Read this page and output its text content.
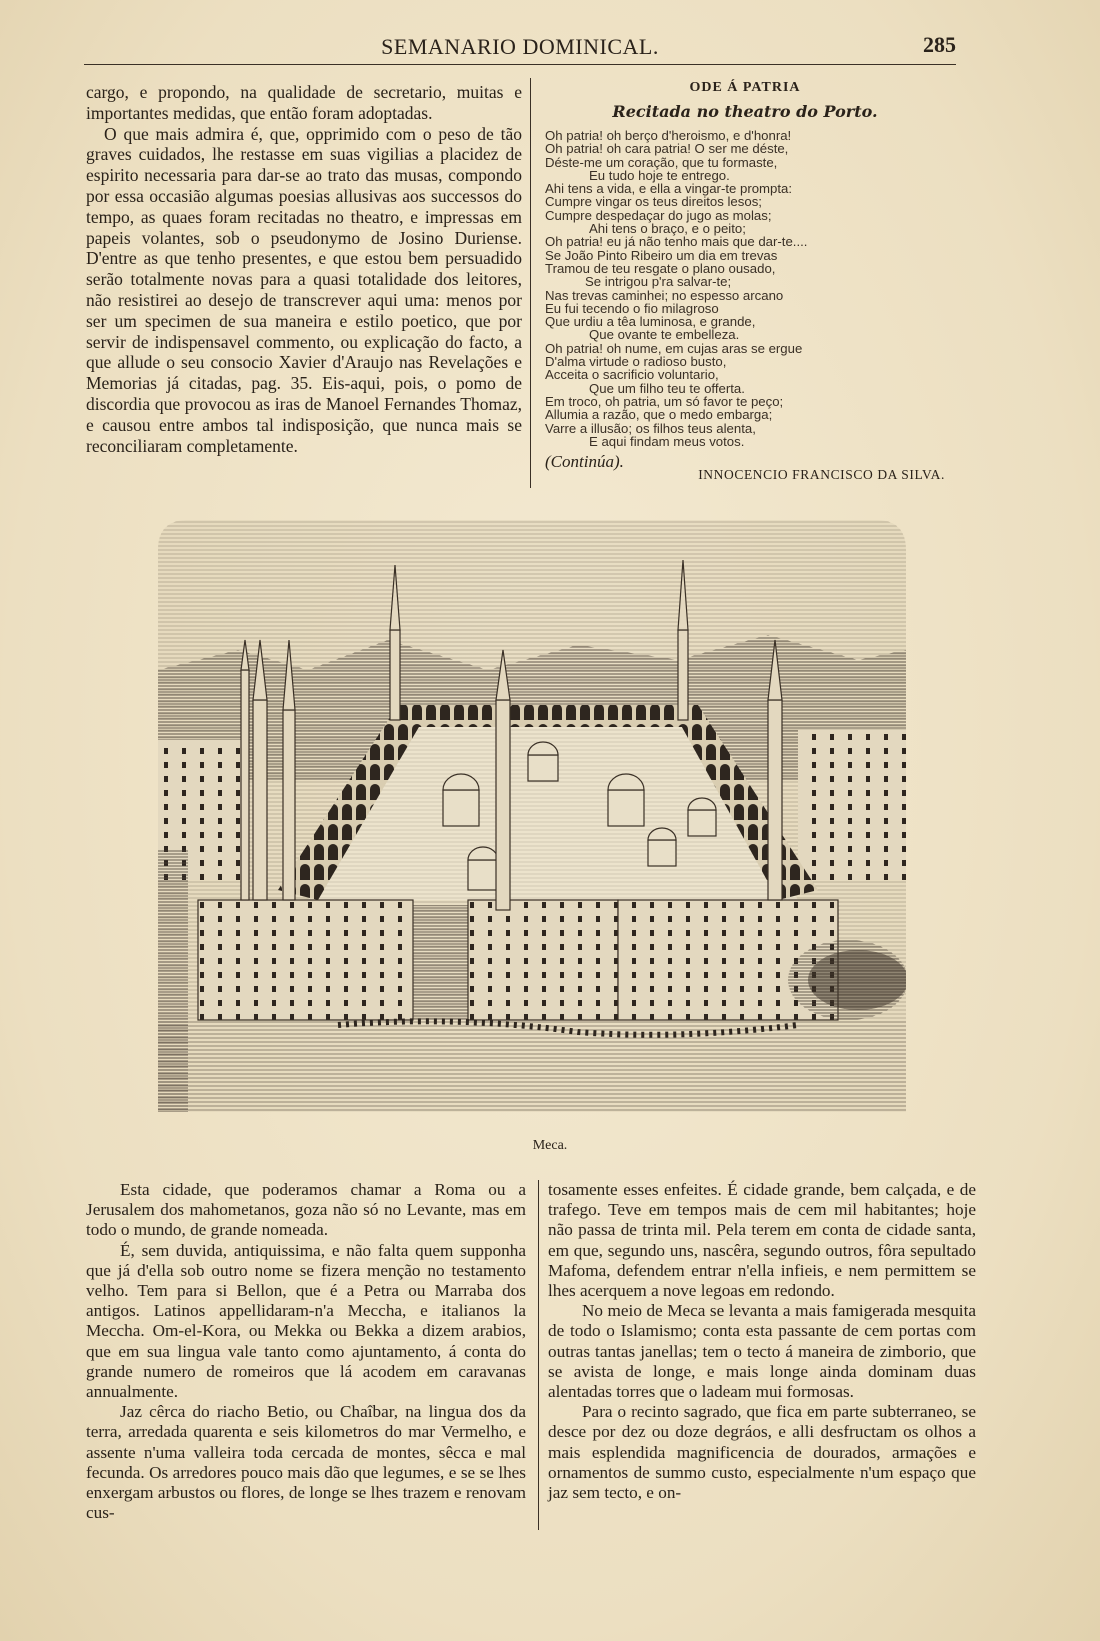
SEMANARIO DOMINICAL.	285

cargo, e propondo, na qualidade de secretario, muitas e importantes medidas, que então foram adoptadas.

O que mais admira é, que, opprimido com o peso de tão graves cuidados, lhe restasse em suas vigilias a placidez de espirito necessaria para dar-se ao trato das musas, compondo por essa occasião algumas poesias allusivas aos successos do tempo, as quaes foram recitadas no theatro, e impressas em papeis volantes, sob o pseudonymo de Josino Duriense. D'entre as que tenho presentes, e que estou bem persuadido serão totalmente novas para a quasi totalidade dos leitores, não resistirei ao desejo de transcrever aqui uma: menos por ser um specimen de sua maneira e estilo poetico, que por servir de indispensavel commento, ou explicação do facto, a que allude o seu consocio Xavier d'Araujo nas Revelações e Memorias já citadas, pag. 35. Eis-aqui, pois, o pomo de discordia que provocou as iras de Manoel Fernandes Thomaz, e causou entre ambos tal indisposição, que nunca mais se reconciliaram completamente.

ODE Á PATRIA
Recitada no theatro do Porto.
Oh patria! oh berço d'heroismo, e d'honra!
Oh patria! oh cara patria! O ser me déste,
Déste-me um coração, que tu formaste,
Eu tudo hoje te entrego.
Ahi tens a vida, e ella a vingar-te prompta:
Cumpre vingar os teus direitos lesos;
Cumpre despedaçar do jugo as molas;
Ahi tens o braço, e o peito;
Oh patria! eu já não tenho mais que dar-te....
Se João Pinto Ribeiro um dia em trevas
Tramou de teu resgate o plano ousado,
Se intrigou p'ra salvar-te;
Nas trevas caminhei; no espesso arcano
Eu fui tecendo o fio milagroso
Que urdiu a têa luminosa, e grande,
Que ovante te embelleza.
Oh patria! oh nume, em cujas aras se ergue
D'alma virtude o radioso busto,
Acceita o sacrificio voluntario,
Que um filho teu te offerta.
Em troco, oh patria, um só favor te peço;
Allumia a razão, que o medo embarga;
Varre a illusão; os filhos teus alenta,
E aqui findam meus votos.
(Continúa).
INNOCENCIO FRANCISCO DA SILVA.
Meca.

Esta cidade, que poderamos chamar a Roma ou a Jerusalem dos mahometanos, goza não só no Levante, mas em todo o mundo, de grande nomeada.

É, sem duvida, antiquissima, e não falta quem supponha que já d'ella sob outro nome se fizera menção no testamento velho. Tem para si Bellon, que é a Petra ou Marraba dos antigos. Latinos appellidaram-n'a Meccha, e italianos la Meccha. Om-el-Kora, ou Mekka ou Bekka a dizem arabios, que em sua lingua vale tanto como ajuntamento, á conta do grande numero de romeiros que lá acodem em caravanas annualmente.

Jaz cêrca do riacho Betio, ou Chaîbar, na lingua dos da terra, arredada quarenta e seis kilometros do mar Vermelho, e assente n'uma valleira toda cercada de montes, sêcca e mal fecunda. Os arredores pouco mais dão que legumes, e se se lhes enxergam arbustos ou flores, de longe se lhes trazem e renovam cus-

tosamente esses enfeites. É cidade grande, bem calçada, e de trafego. Teve em tempos mais de cem mil habitantes; hoje não passa de trinta mil. Pela terem em conta de cidade santa, em que, segundo uns, nascêra, segundo outros, fôra sepultado Mafoma, defendem entrar n'ella infieis, e nem permittem se lhes acerquem a nove legoas em redondo.

No meio de Meca se levanta a mais famigerada mesquita de todo o Islamismo; conta esta passante de cem portas com outras tantas janellas; tem o tecto á maneira de zimborio, que se avista de longe, e mais longe ainda dominam duas alentadas torres que o ladeam mui formosas.

Para o recinto sagrado, que fica em parte subterraneo, se desce por dez ou doze degráos, e alli desfructam os olhos a mais esplendida magnificencia de dourados, armações e ornamentos de summo custo, especialmente n'um espaço que jaz sem tecto, e on-
